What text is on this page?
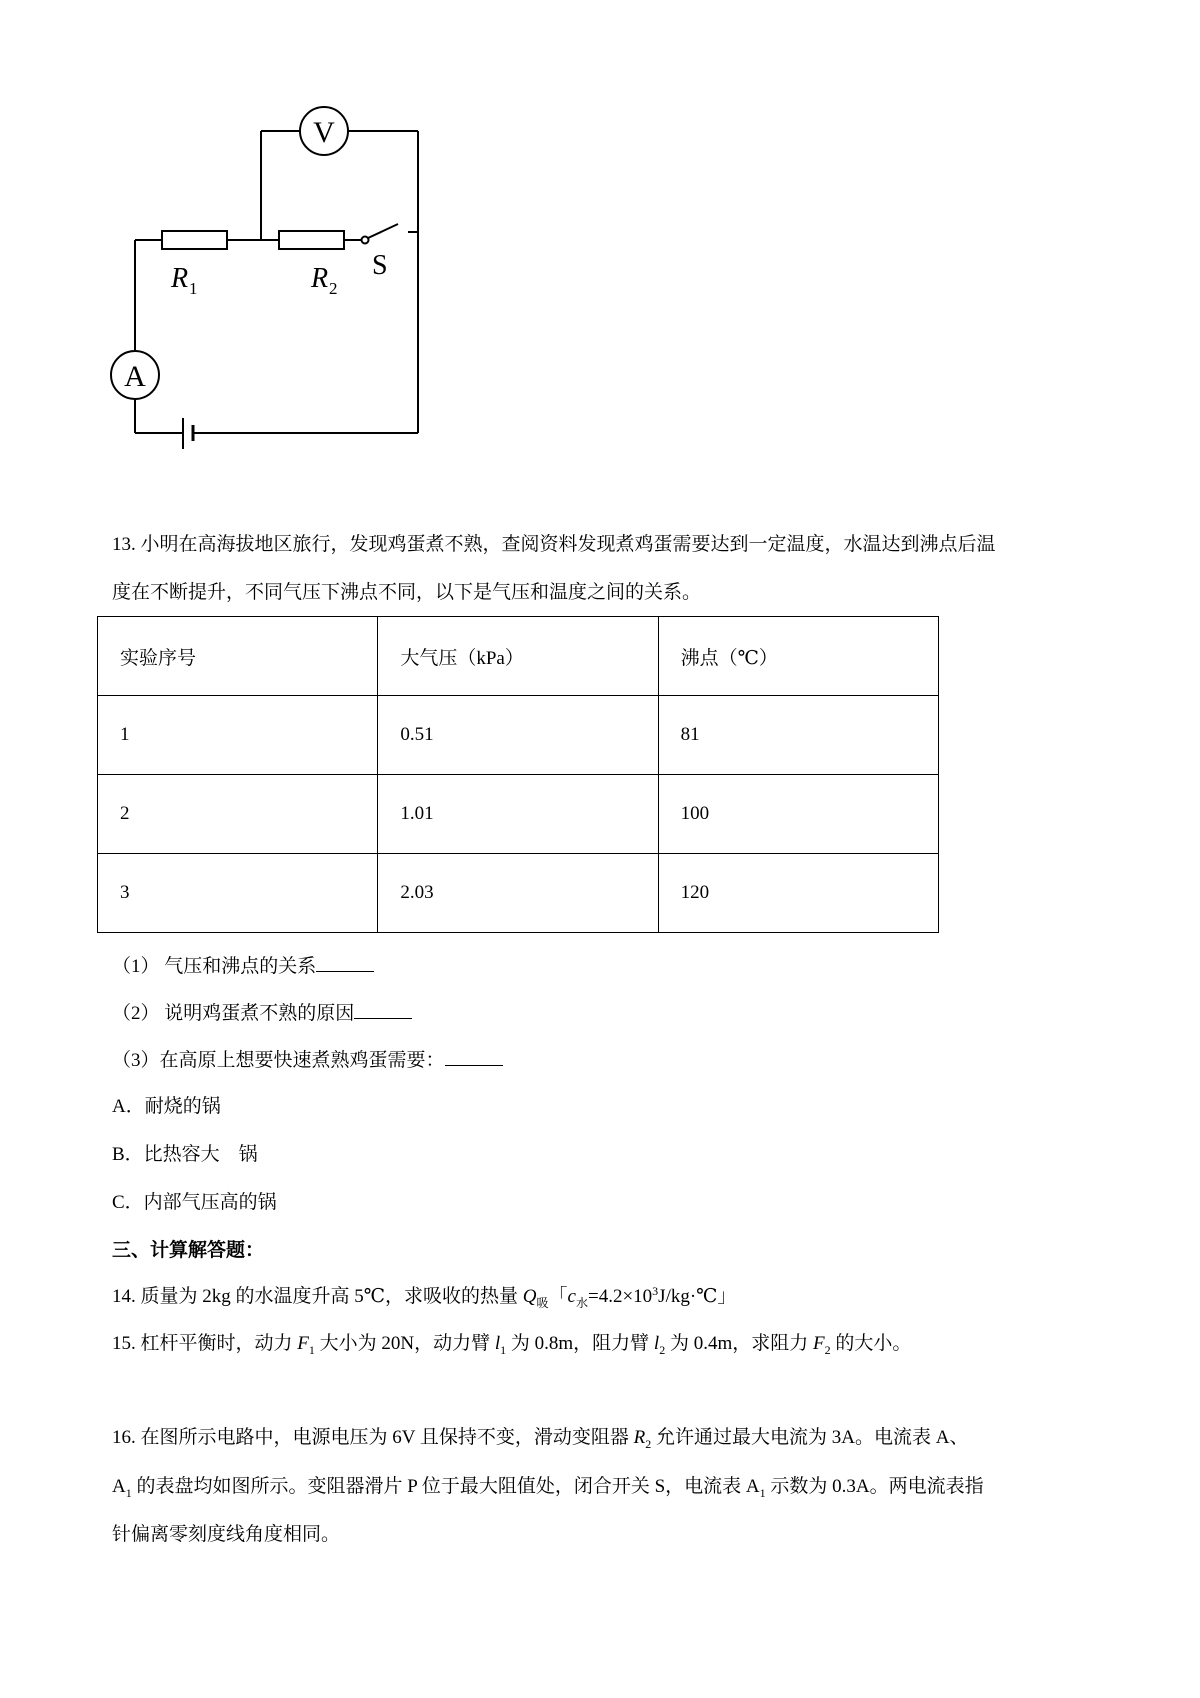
V
A
S
R 1	R 2
13. 小明在高海拔地区旅行，发现鸡蛋煮不熟，查阅资料发现煮鸡蛋需要达到一定温度，水温达到沸点后温
度在不断提升，不同气压下沸点不同，以下是气压和温度之间的关系。
实验序号	大气压（kPa）	沸点（℃）
1	0.51	81
2	1.01	100
3	2.03	120
（1） 气压和沸点的关系
（2） 说明鸡蛋煮不熟的原因
（3）在高原上想要快速煮熟鸡蛋需要：
A．耐烧的锅
B．比热容大　锅
C．内部气压高的锅
三、计算解答题：
14. 质量为 2kg 的水温度升高 5℃，求吸收的热量 $Q_吸$「$c_水=4.2\times 10^3J/kg\cdot℃$」
15. 杠杆平衡时，动力 $F_1$ 大小为 20N，动力臂 $l_1$ 为 0.8m，阻力臂 $l_2$ 为 0.4m，求阻力 $F_2$ 的大小。
16. 在图所示电路中，电源电压为 6V 且保持不变，滑动变阻器 $R_2$ 允许通过最大电流为 3A。电流表 A、
$A_1$ 的表盘均如图所示。变阻器滑片 P 位于最大阻值处，闭合开关 S，电流表 $A_1$ 示数为 0.3A。两电流表指
针偏离零刻度线角度相同。
